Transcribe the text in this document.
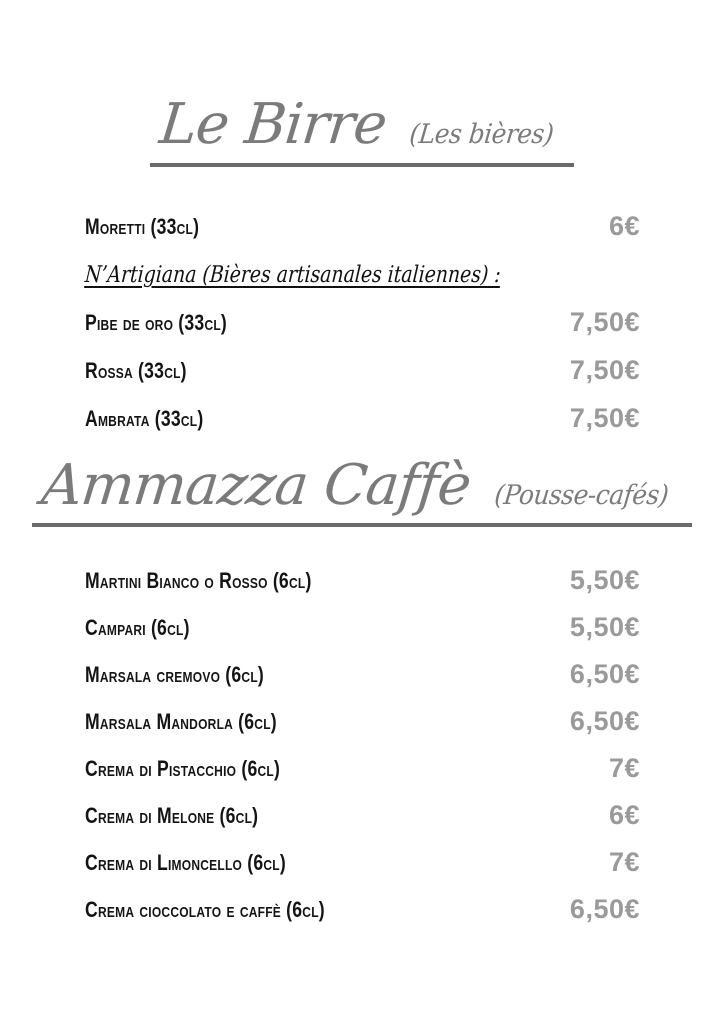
Le Birre (Les bières)
Moretti (33cl)	6€
N’Artigiana (Bières artisanales italiennes) :
Pibe de oro (33cl)	7,50€
Rossa (33cl)	7,50€
Ambrata (33cl)	7,50€
Ammazza Caffè (Pousse-cafés)
Martini Bianco o Rosso (6cl)	5,50€
Campari (6cl)	5,50€
Marsala cremovo (6cl)	6,50€
Marsala Mandorla (6cl)	6,50€
Crema di Pistacchio (6cl)	7€
Crema di Melone (6cl)	6€
Crema di Limoncello (6cl)	7€
Crema cioccolato e caffè (6cl)	6,50€
